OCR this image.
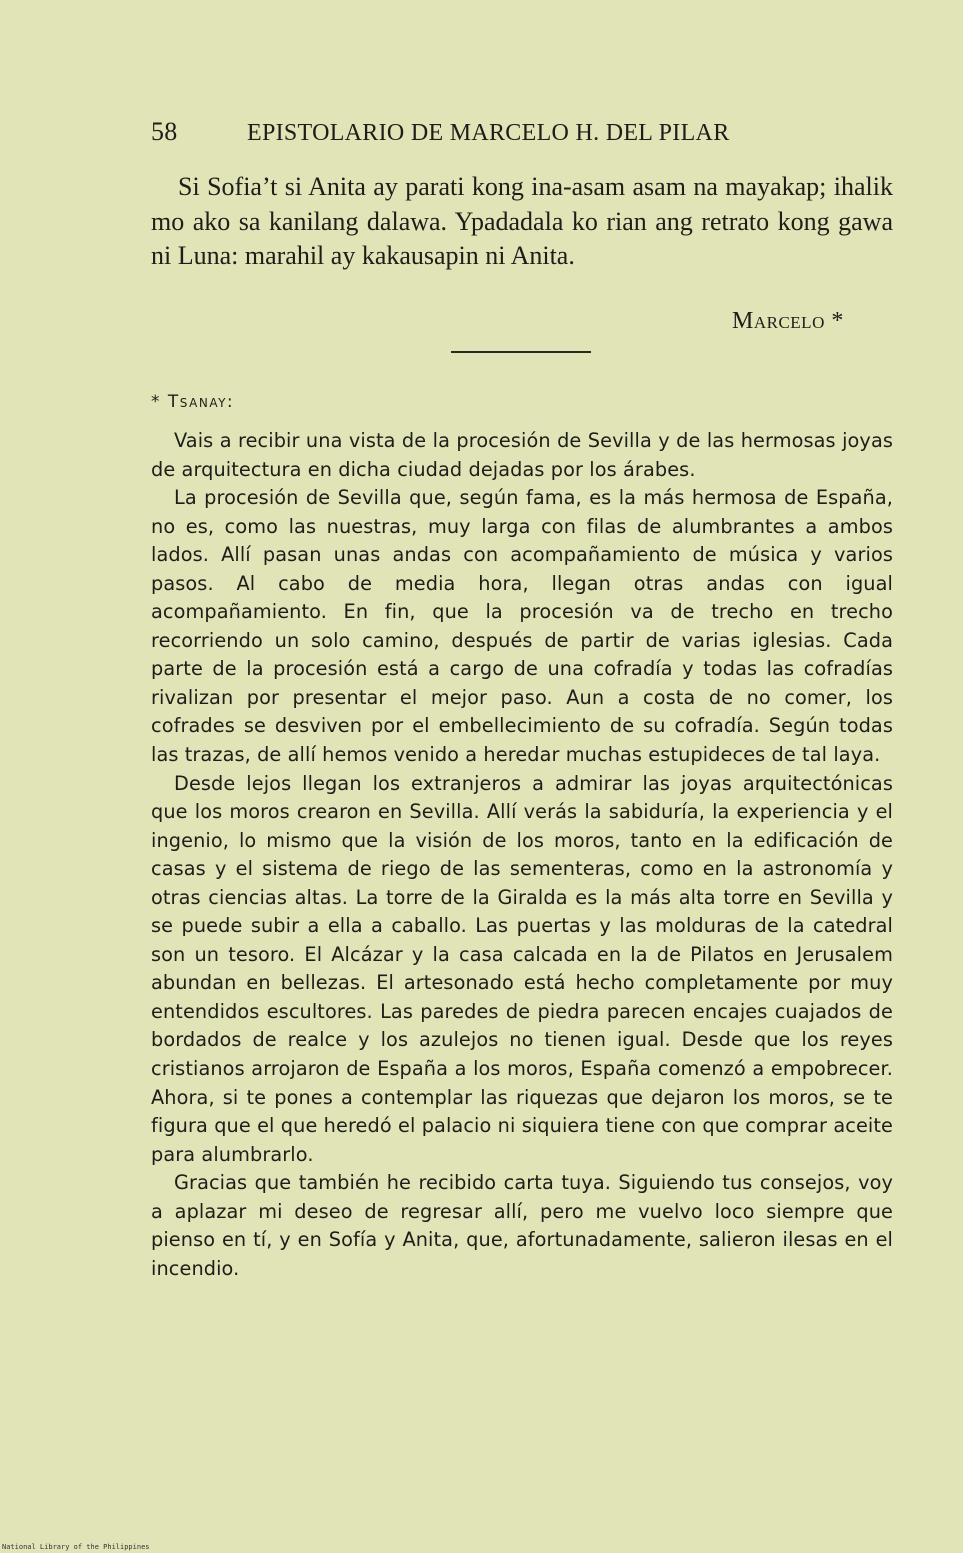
58	EPISTOLARIO DE MARCELO H. DEL PILAR

Si Sofia’t si Anita ay parati kong ina-asam asam na mayakap; ihalik mo ako sa kanilang dalawa. Ypadadala ko rian ang retrato kong gawa ni Luna: marahil ay kakausapin ni Anita.

Marcelo *
* Tsanay:

Vais a recibir una vista de la procesión de Sevilla y de las hermosas joyas de arquitectura en dicha ciudad dejadas por los árabes.

La procesión de Sevilla que, según fama, es la más hermosa de España, no es, como las nuestras, muy larga con filas de alumbrantes a ambos lados. Allí pasan unas andas con acompañamiento de música y varios pasos. Al cabo de media hora, llegan otras andas con igual acompañamiento. En fin, que la procesión va de trecho en trecho recorriendo un solo camino, después de partir de varias iglesias. Cada parte de la procesión está a cargo de una cofradía y todas las cofradías rivalizan por presentar el mejor paso. Aun a costa de no comer, los cofrades se desviven por el embellecimiento de su cofradía. Según todas las trazas, de allí hemos venido a heredar muchas estupideces de tal laya.

Desde lejos llegan los extranjeros a admirar las joyas arquitectónicas que los moros crearon en Sevilla. Allí verás la sabiduría, la experiencia y el ingenio, lo mismo que la visión de los moros, tanto en la edificación de casas y el sistema de riego de las sementeras, como en la astronomía y otras ciencias altas. La torre de la Giralda es la más alta torre en Sevilla y se puede subir a ella a caballo. Las puertas y las molduras de la catedral son un tesoro. El Alcázar y la casa calcada en la de Pilatos en Jerusalem abundan en bellezas. El artesonado está hecho completamente por muy entendidos escultores. Las paredes de piedra parecen encajes cuajados de bordados de realce y los azulejos no tienen igual. Desde que los reyes cristianos arrojaron de España a los moros, España comenzó a empobrecer. Ahora, si te pones a contemplar las riquezas que dejaron los moros, se te figura que el que heredó el palacio ni siquiera tiene con que comprar aceite para alumbrarlo.

Gracias que también he recibido carta tuya. Siguiendo tus consejos, voy a aplazar mi deseo de regresar allí, pero me vuelvo loco siempre que pienso en tí, y en Sofía y Anita, que, afortunadamente, salieron ilesas en el incendio.

National Library of the Philippines
